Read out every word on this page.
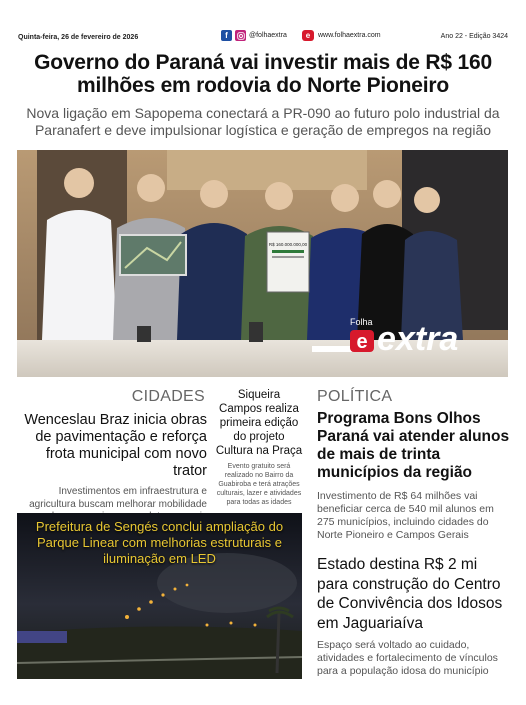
Quinta-feira, 26 de fevereiro de 2026	f	@folhaextra	e	www.folhaextra.com	Ano 22 - Edição 3424
Governo do Paraná vai investir mais de R$ 160 milhões em rodovia do Norte Pioneiro

Nova ligação em Sapopema conectará a PR-090 ao futuro polo industrial da Paranafert e deve impulsionar logística e geração de empregos na região

R$ 160.000.000,00
Folha
e extra
CIDADES
Wenceslau Braz inicia obras de pavimentação e reforça frota municipal com novo trator
Investimentos em infraestrutura e agricultura buscam melhorar mobilidade
Siqueira Campos realiza primeira edição do projeto Cultura na Praça
Evento gratuito será realizado no Bairro da Guabiroba e terá atrações culturais, lazer e atividades para todas as idades
POLÍTICA
Programa Bons Olhos Paraná vai atender alunos de mais de trinta municípios da região
Investimento de R$ 64 milhões vai beneficiar cerca de 540 mil alunos em 275 municípios, incluindo cidades do Norte Pioneiro e Campos Gerais
Estado destina R$ 2 mi para construção do Centro de Convivência dos Idosos em Jaguariaíva
Espaço será voltado ao cuidado, atividades e fortalecimento de vínculos para a população idosa do município
Prefeitura de Sengés conclui ampliação do Parque Linear com melhorias estruturais e iluminação em LED
